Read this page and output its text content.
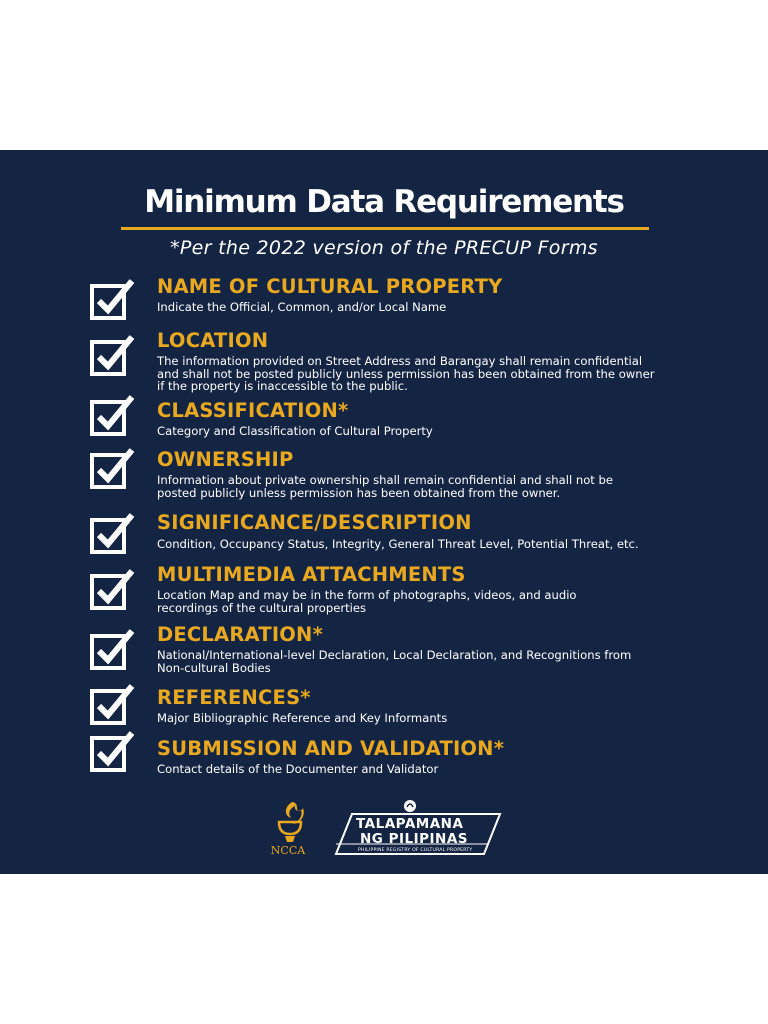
Minimum Data Requirements
*Per the 2022 version of the PRECUP Forms
NAME OF CULTURAL PROPERTY
Indicate the Official, Common, and/or Local Name
LOCATION
The information provided on Street Address and Barangay shall remain confidential
and shall not be posted publicly unless permission has been obtained from the owner
if the property is inaccessible to the public.
CLASSIFICATION*
Category and Classification of Cultural Property
OWNERSHIP
Information about private ownership shall remain confidential and shall not be
posted publicly unless permission has been obtained from the owner.
SIGNIFICANCE/DESCRIPTION
Condition, Occupancy Status, Integrity, General Threat Level, Potential Threat, etc.
MULTIMEDIA ATTACHMENTS
Location Map and may be in the form of photographs, videos, and audio
recordings of the cultural properties
DECLARATION*
National/International-level Declaration, Local Declaration, and Recognitions from
Non-cultural Bodies
REFERENCES*
Major Bibliographic Reference and Key Informants
SUBMISSION AND VALIDATION*
Contact details of the Documenter and Validator
NCCA
TALAPAMANA
NG PILIPINAS
PHILIPPINE REGISTRY OF CULTURAL PROPERTY
